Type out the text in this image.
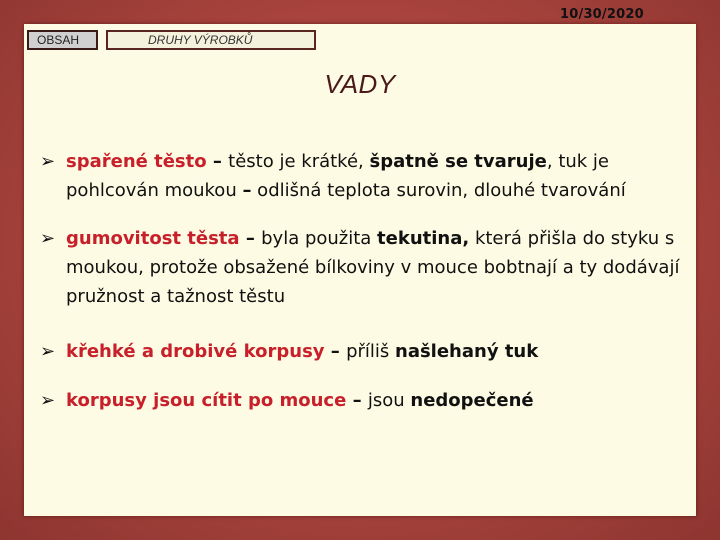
10/30/2020
OBSAH	DRUHY VÝROBKŮ
VADY
➢ spařené těsto – těsto je krátké, špatně se tvaruje, tuk je pohlcován moukou – odlišná teplota surovin, dlouhé tvarování
➢ gumovitost těsta – byla použita tekutina, která přišla do styku s moukou, protože obsažené bílkoviny v mouce bobtnají a ty dodávají pružnost a tažnost těstu
➢ křehké a drobivé korpusy – příliš našlehaný tuk
➢ korpusy jsou cítit po mouce – jsou nedopečené
